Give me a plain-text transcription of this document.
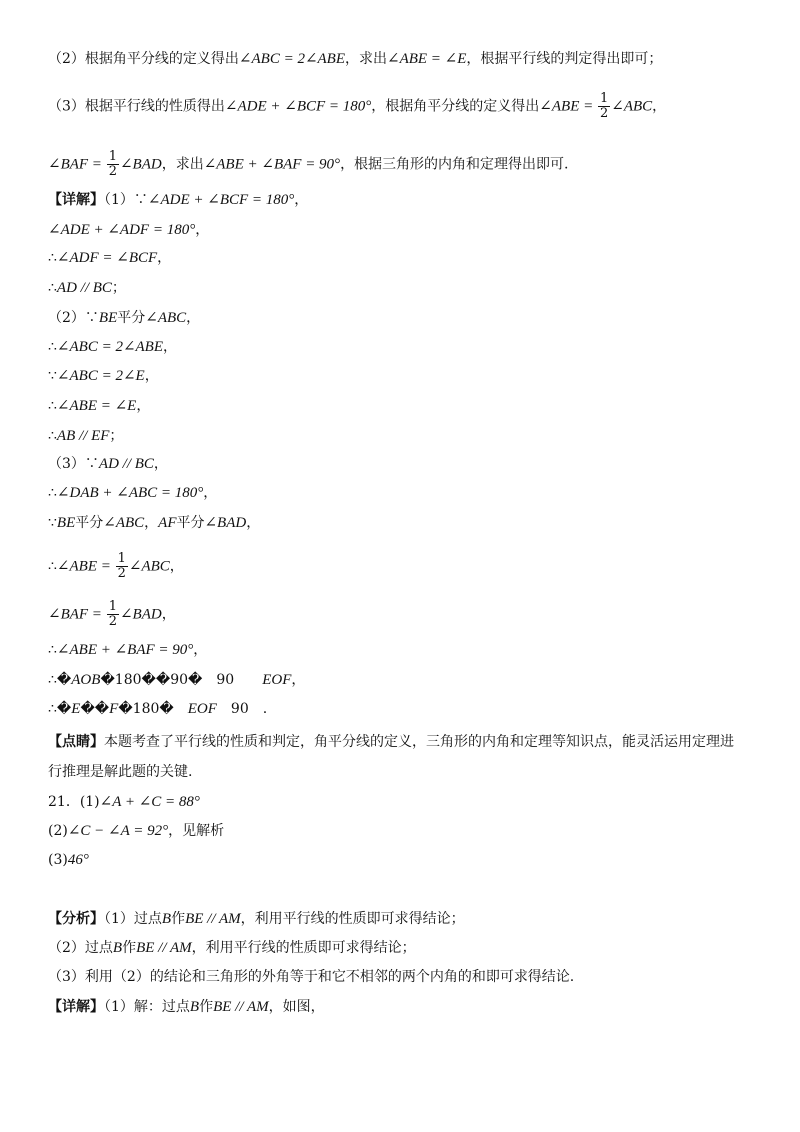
（2）根据角平分线的定义得出∠ABC = 2∠ABE，求出∠ABE = ∠E，根据平行线的判定得出即可；
（3）根据平行线的性质得出∠ADE + ∠BCF = 180°，根据角平分线的定义得出∠ABE = $\frac{1}{2}$ ∠ABC，
∠BAF = $\frac{1}{2}$ ∠BAD，求出∠ABE + ∠BAF = 90°，根据三角形的内角和定理得出即可.
【详解】（1）∵∠ADE + ∠BCF = 180°，
∠ADE + ∠ADF = 180°，
∴∠ADF = ∠BCF，
∴AD // BC；
（2）∵BE平分∠ABC，
∴∠ABC = 2∠ABE，
∵∠ABC = 2∠E，
∴∠ABE = ∠E，
∴AB // EF；
（3）∵AD // BC，
∴∠DAB + ∠ABC = 180°，
∵BE平分∠ABC，AF平分∠BAD，
∴∠ABE = $\frac{1}{2}$ ∠ABC，
∠BAF = $\frac{1}{2}$ ∠BAD，
∴∠ABE + ∠BAF = 90°，
∴�AOB�180��90�　90　　EOF，
∴�E��F�180�　EOF　90　.
【点睛】本题考查了平行线的性质和判定，角平分线的定义，三角形的内角和定理等知识点，能灵活运用定理进
行推理是解此题的关键.
21．(1)∠A + ∠C = 88°
(2)∠C − ∠A = 92°，见解析
(3)46°
【分析】（1）过点B作BE // AM，利用平行线的性质即可求得结论；
（2）过点B作BE // AM，利用平行线的性质即可求得结论；
（3）利用（2）的结论和三角形的外角等于和它不相邻的两个内角的和即可求得结论.
【详解】（1）解：过点B作BE // AM，如图，
